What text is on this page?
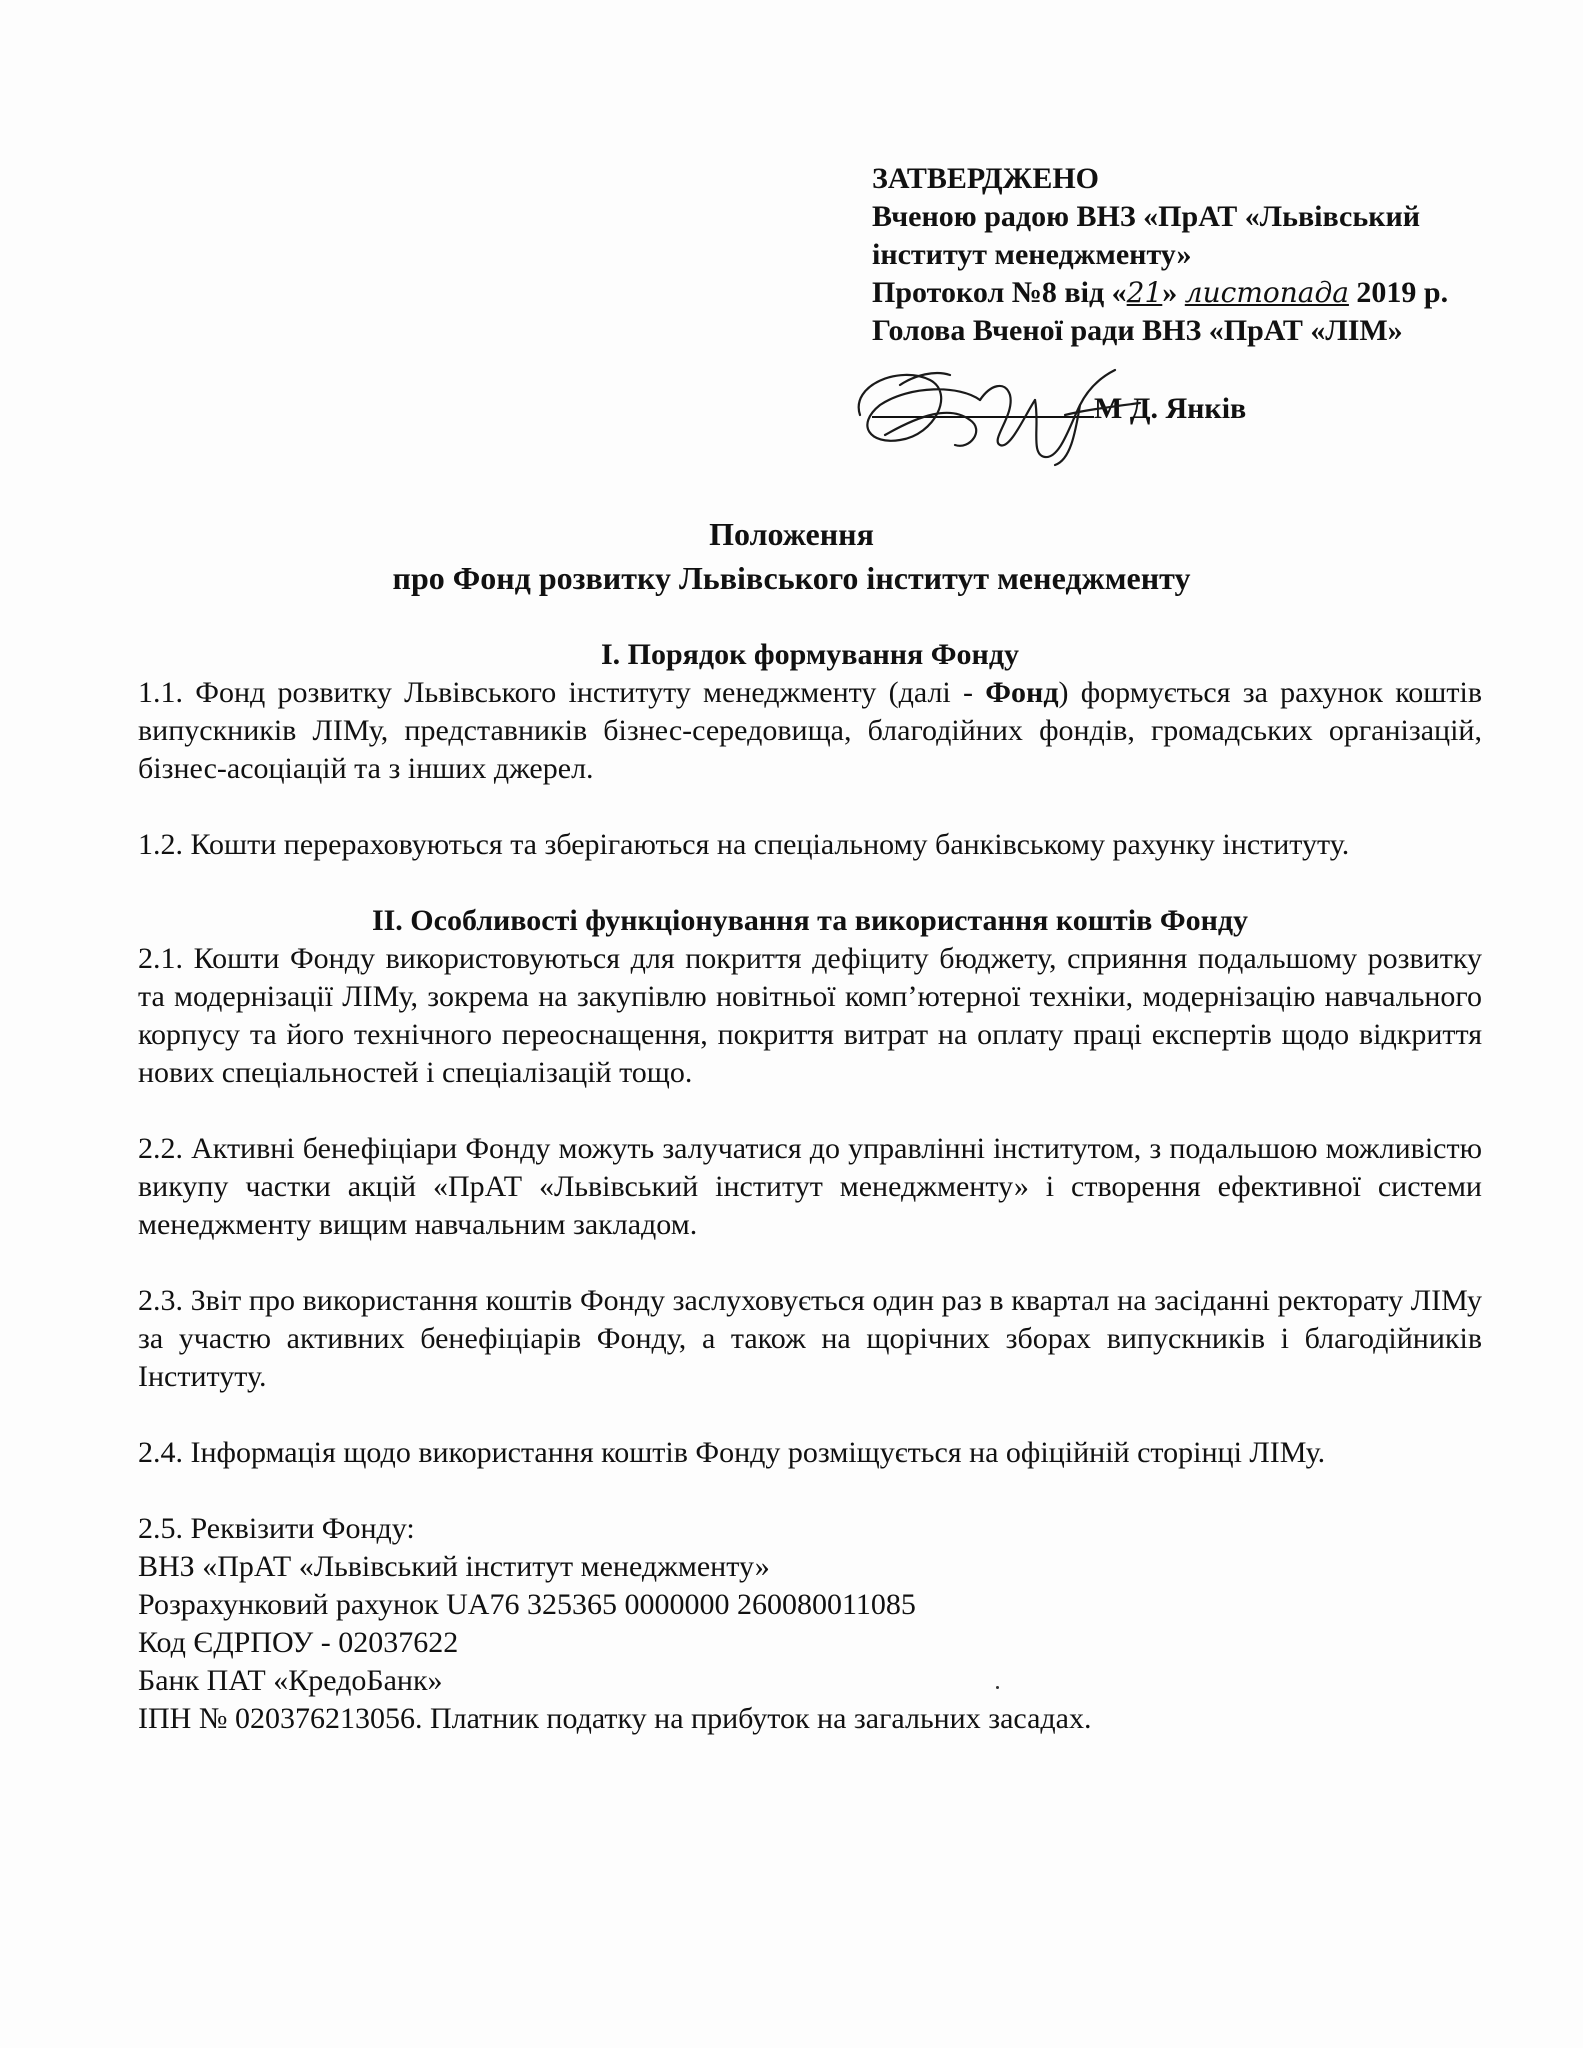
ЗАТВЕРДЖЕНО
Вченою радою ВНЗ «ПрАТ «Львівський
інститут менеджменту»
Протокол №8 від «21» листопада 2019 р.
Голова Вченої ради ВНЗ «ПрАТ «ЛІМ»
М Д. Янків
Положення
про Фонд розвитку Львівського інститут менеджменту

І. Порядок формування Фонду

1.1. Фонд розвитку Львівського інституту менеджменту (далі - Фонд) формується за рахунок коштів випускників ЛІМу, представників бізнес-середовища, благодійних фондів, громадських організацій, бізнес-асоціацій та з інших джерел.

1.2. Кошти перераховуються та зберігаються на спеціальному банківському рахунку інституту.

ІІ. Особливості функціонування та використання коштів Фонду

2.1. Кошти Фонду використовуються для покриття дефіциту бюджету, сприяння подальшому розвитку та модернізації ЛІМу, зокрема на закупівлю новітньої комп’ютерної техніки, модернізацію навчального корпусу та його технічного переоснащення, покриття витрат на оплату праці експертів щодо відкриття нових спеціальностей і спеціалізацій тощо.

2.2. Активні бенефіціари Фонду можуть залучатися до управлінні інститутом, з подальшою можливістю викупу частки акцій «ПрАТ «Львівський інститут менеджменту» і створення ефективної системи менеджменту вищим навчальним закладом.

2.3. Звіт про використання коштів Фонду заслуховується один раз в квартал на засіданні ректорату ЛІМу за участю активних бенефіціарів Фонду, а також на щорічних зборах випускників і благодійників Інституту.

2.4. Інформація щодо використання коштів Фонду розміщується на офіційній сторінці ЛІМу.

2.5. Реквізити Фонду:

ВНЗ «ПрАТ «Львівський інститут менеджменту»

Розрахунковий рахунок UA76 325365 0000000 260080011085

Код ЄДРПОУ - 02037622

Банк ПАТ «КредоБанк»

ІПН № 020376213056. Платник податку на прибуток на загальних засадах.
